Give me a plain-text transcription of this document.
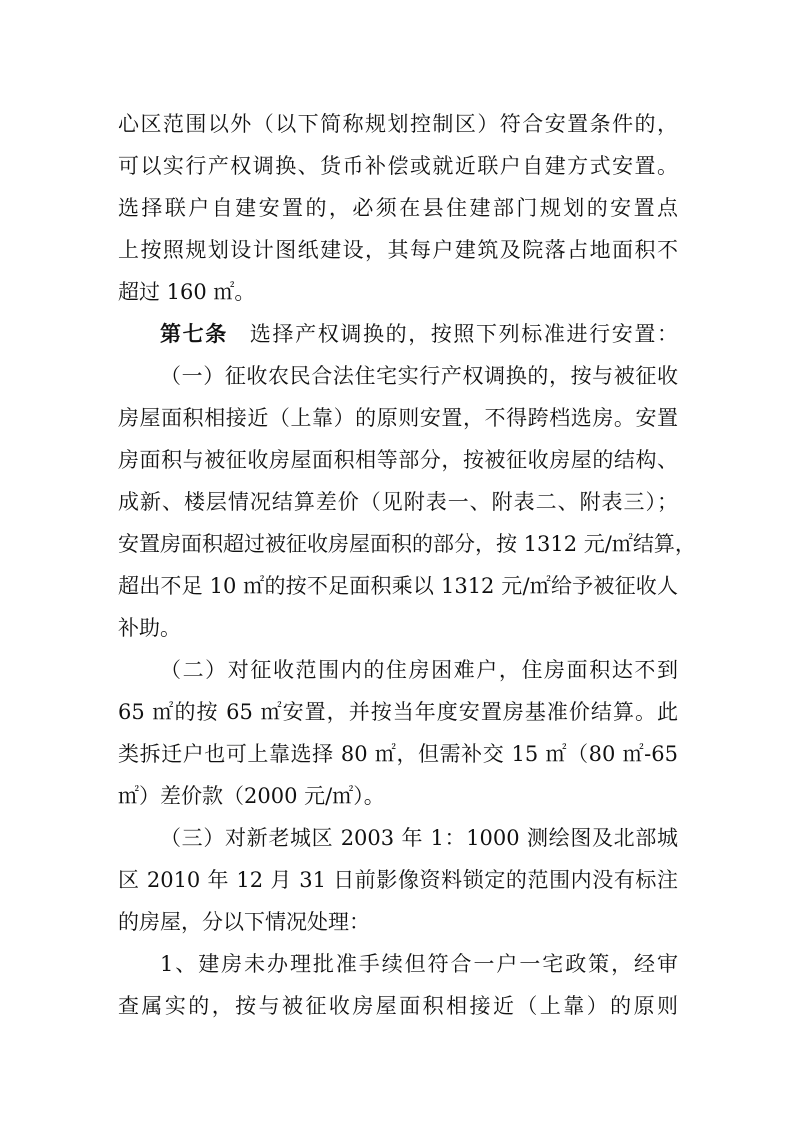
心区范围以外（以下简称规划控制区）符合安置条件的，
可以实行产权调换、货币补偿或就近联户自建方式安置。
选择联户自建安置的，必须在县住建部门规划的安置点
上按照规划设计图纸建设，其每户建筑及院落占地面积不
超过 160 ㎡。
第七条 选择产权调换的，按照下列标准进行安置：
（一）征收农民合法住宅实行产权调换的，按与被征收
房屋面积相接近（上靠）的原则安置，不得跨档选房。安置
房面积与被征收房屋面积相等部分，按被征收房屋的结构、
成新、楼层情况结算差价（见附表一、附表二、附表三）；
安置房面积超过被征收房屋面积的部分，按 1312 元/㎡结算，
超出不足 10 ㎡的按不足面积乘以 1312 元/㎡给予被征收人
补助。
（二）对征收范围内的住房困难户，住房面积达不到
65 ㎡的按 65 ㎡安置，并按当年度安置房基准价结算。此
类拆迁户也可上靠选择 80 ㎡，但需补交 15 ㎡（80 ㎡-65
㎡）差价款（2000 元/㎡）。
（三）对新老城区 2003 年 1：1000 测绘图及北部城
区 2010 年 12 月 31 日前影像资料锁定的范围内没有标注
的房屋，分以下情况处理：
1、建房未办理批准手续但符合一户一宅政策，经审
查属实的，按与被征收房屋面积相接近（上靠）的原则
